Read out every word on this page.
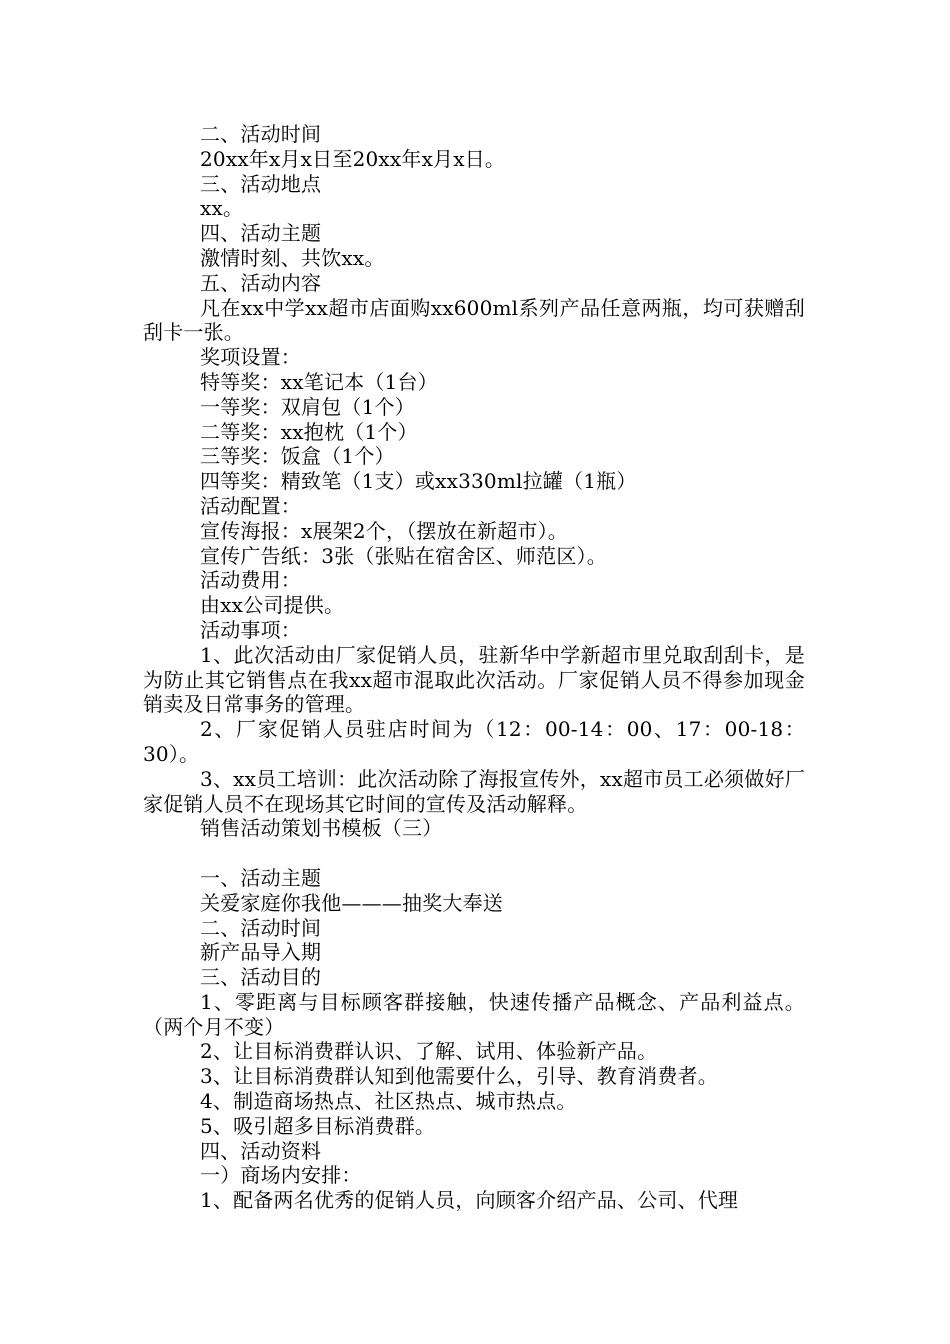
二、活动时间

20xx年x月x日至20xx年x月x日。

三、活动地点

xx。

四、活动主题

激情时刻、共饮xx。

五、活动内容

凡在xx中学xx超市店面购xx600ml系列产品任意两瓶，均可获赠刮刮卡一张。

奖项设置：

特等奖：xx笔记本（1台）

一等奖：双肩包（1个）

二等奖：xx抱枕（1个）

三等奖：饭盒（1个）

四等奖：精致笔（1支）或xx330ml拉罐（1瓶）

活动配置：

宣传海报：x展架2个，（摆放在新超市）。

宣传广告纸：3张（张贴在宿舍区、师范区）。

活动费用：

由xx公司提供。

活动事项：

1、此次活动由厂家促销人员，驻新华中学新超市里兑取刮刮卡，是为防止其它销售点在我xx超市混取此次活动。厂家促销人员不得参加现金销卖及日常事务的管理。

2、厂家促销人员驻店时间为（12：00-14：00、17：00-18：30）。

3、xx员工培训：此次活动除了海报宣传外，xx超市员工必须做好厂家促销人员不在现场其它时间的宣传及活动解释。

销售活动策划书模板（三）

一、活动主题

关爱家庭你我他———抽奖大奉送

二、活动时间

新产品导入期

三、活动目的

1、零距离与目标顾客群接触，快速传播产品概念、产品利益点。（两个月不变）

2、让目标消费群认识、了解、试用、体验新产品。

3、让目标消费群认知到他需要什么，引导、教育消费者。

4、制造商场热点、社区热点、城市热点。

5、吸引超多目标消费群。

四、活动资料

一）商场内安排：

1、配备两名优秀的促销人员，向顾客介绍产品、公司、代理
